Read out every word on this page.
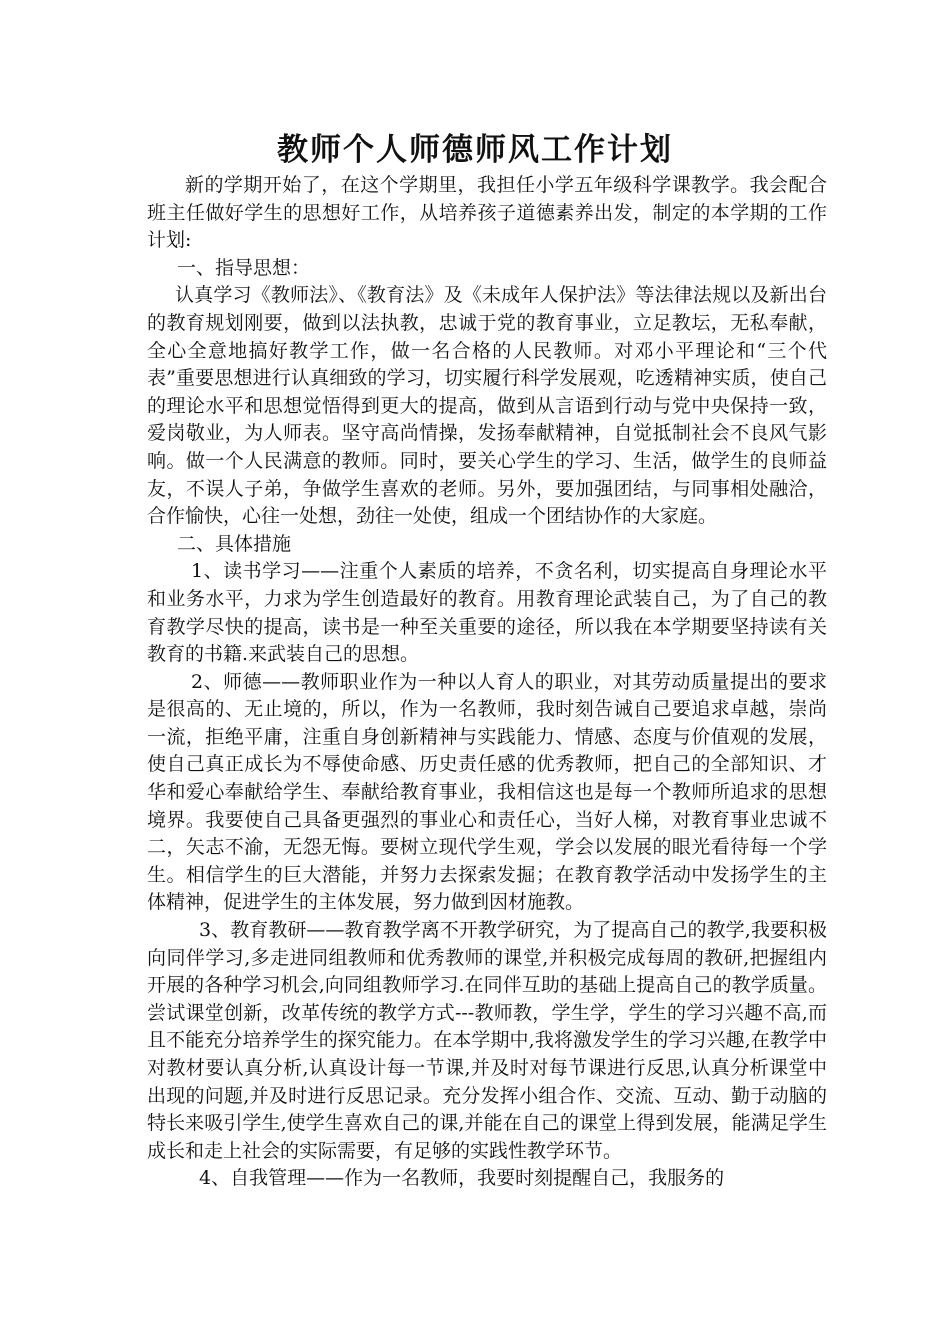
教师个人师德师风工作计划

新的学期开始了，在这个学期里，我担任小学五年级科学课教学。我会配合班主任做好学生的思想好工作，从培养孩子道德素养出发，制定的本学期的工作计划:

一、指导思想：

认真学习《教师法》、《教育法》及《未成年人保护法》等法律法规以及新出台的教育规划刚要，做到以法执教，忠诚于党的教育事业，立足教坛，无私奉献，全心全意地搞好教学工作，做一名合格的人民教师。对邓小平理论和“三个代表”重要思想进行认真细致的学习，切实履行科学发展观，吃透精神实质，使自己的理论水平和思想觉悟得到更大的提高，做到从言语到行动与党中央保持一致，爱岗敬业，为人师表。坚守高尚情操，发扬奉献精神，自觉抵制社会不良风气影响。做一个人民满意的教师。同时，要关心学生的学习、生活，做学生的良师益友，不误人子弟，争做学生喜欢的老师。另外，要加强团结，与同事相处融洽，合作愉快，心往一处想，劲往一处使，组成一个团结协作的大家庭。

二、具体措施

1、读书学习——注重个人素质的培养，不贪名利，切实提高自身理论水平和业务水平，力求为学生创造最好的教育。用教育理论武装自己，为了自己的教育教学尽快的提高，读书是一种至关重要的途径，所以我在本学期要坚持读有关教育的书籍.来武装自己的思想。

2、师德——教师职业作为一种以人育人的职业，对其劳动质量提出的要求是很高的、无止境的，所以，作为一名教师，我时刻告诫自己要追求卓越，崇尚一流，拒绝平庸，注重自身创新精神与实践能力、情感、态度与价值观的发展，使自己真正成长为不辱使命感、历史责任感的优秀教师，把自己的全部知识、才华和爱心奉献给学生、奉献给教育事业，我相信这也是每一个教师所追求的思想境界。我要使自己具备更强烈的事业心和责任心，当好人梯，对教育事业忠诚不二，矢志不渝，无怨无悔。要树立现代学生观，学会以发展的眼光看待每一个学生。相信学生的巨大潜能，并努力去探索发掘；在教育教学活动中发扬学生的主体精神，促进学生的主体发展，努力做到因材施教。

3、教育教研——教育教学离不开教学研究，为了提高自己的教学,我要积极向同伴学习,多走进同组教师和优秀教师的课堂,并积极完成每周的教研,把握组内开展的各种学习机会,向同组教师学习.在同伴互助的基础上提高自己的教学质量。尝试课堂创新，改革传统的教学方式---教师教，学生学，学生的学习兴趣不高,而且不能充分培养学生的探究能力。在本学期中,我将激发学生的学习兴趣,在教学中对教材要认真分析,认真设计每一节课,并及时对每节课进行反思,认真分析课堂中出现的问题,并及时进行反思记录。充分发挥小组合作、交流、互动、勤于动脑的特长来吸引学生,使学生喜欢自己的课,并能在自己的课堂上得到发展，能满足学生成长和走上社会的实际需要，有足够的实践性教学环节。

4、自我管理——作为一名教师，我要时刻提醒自己，我服务的
